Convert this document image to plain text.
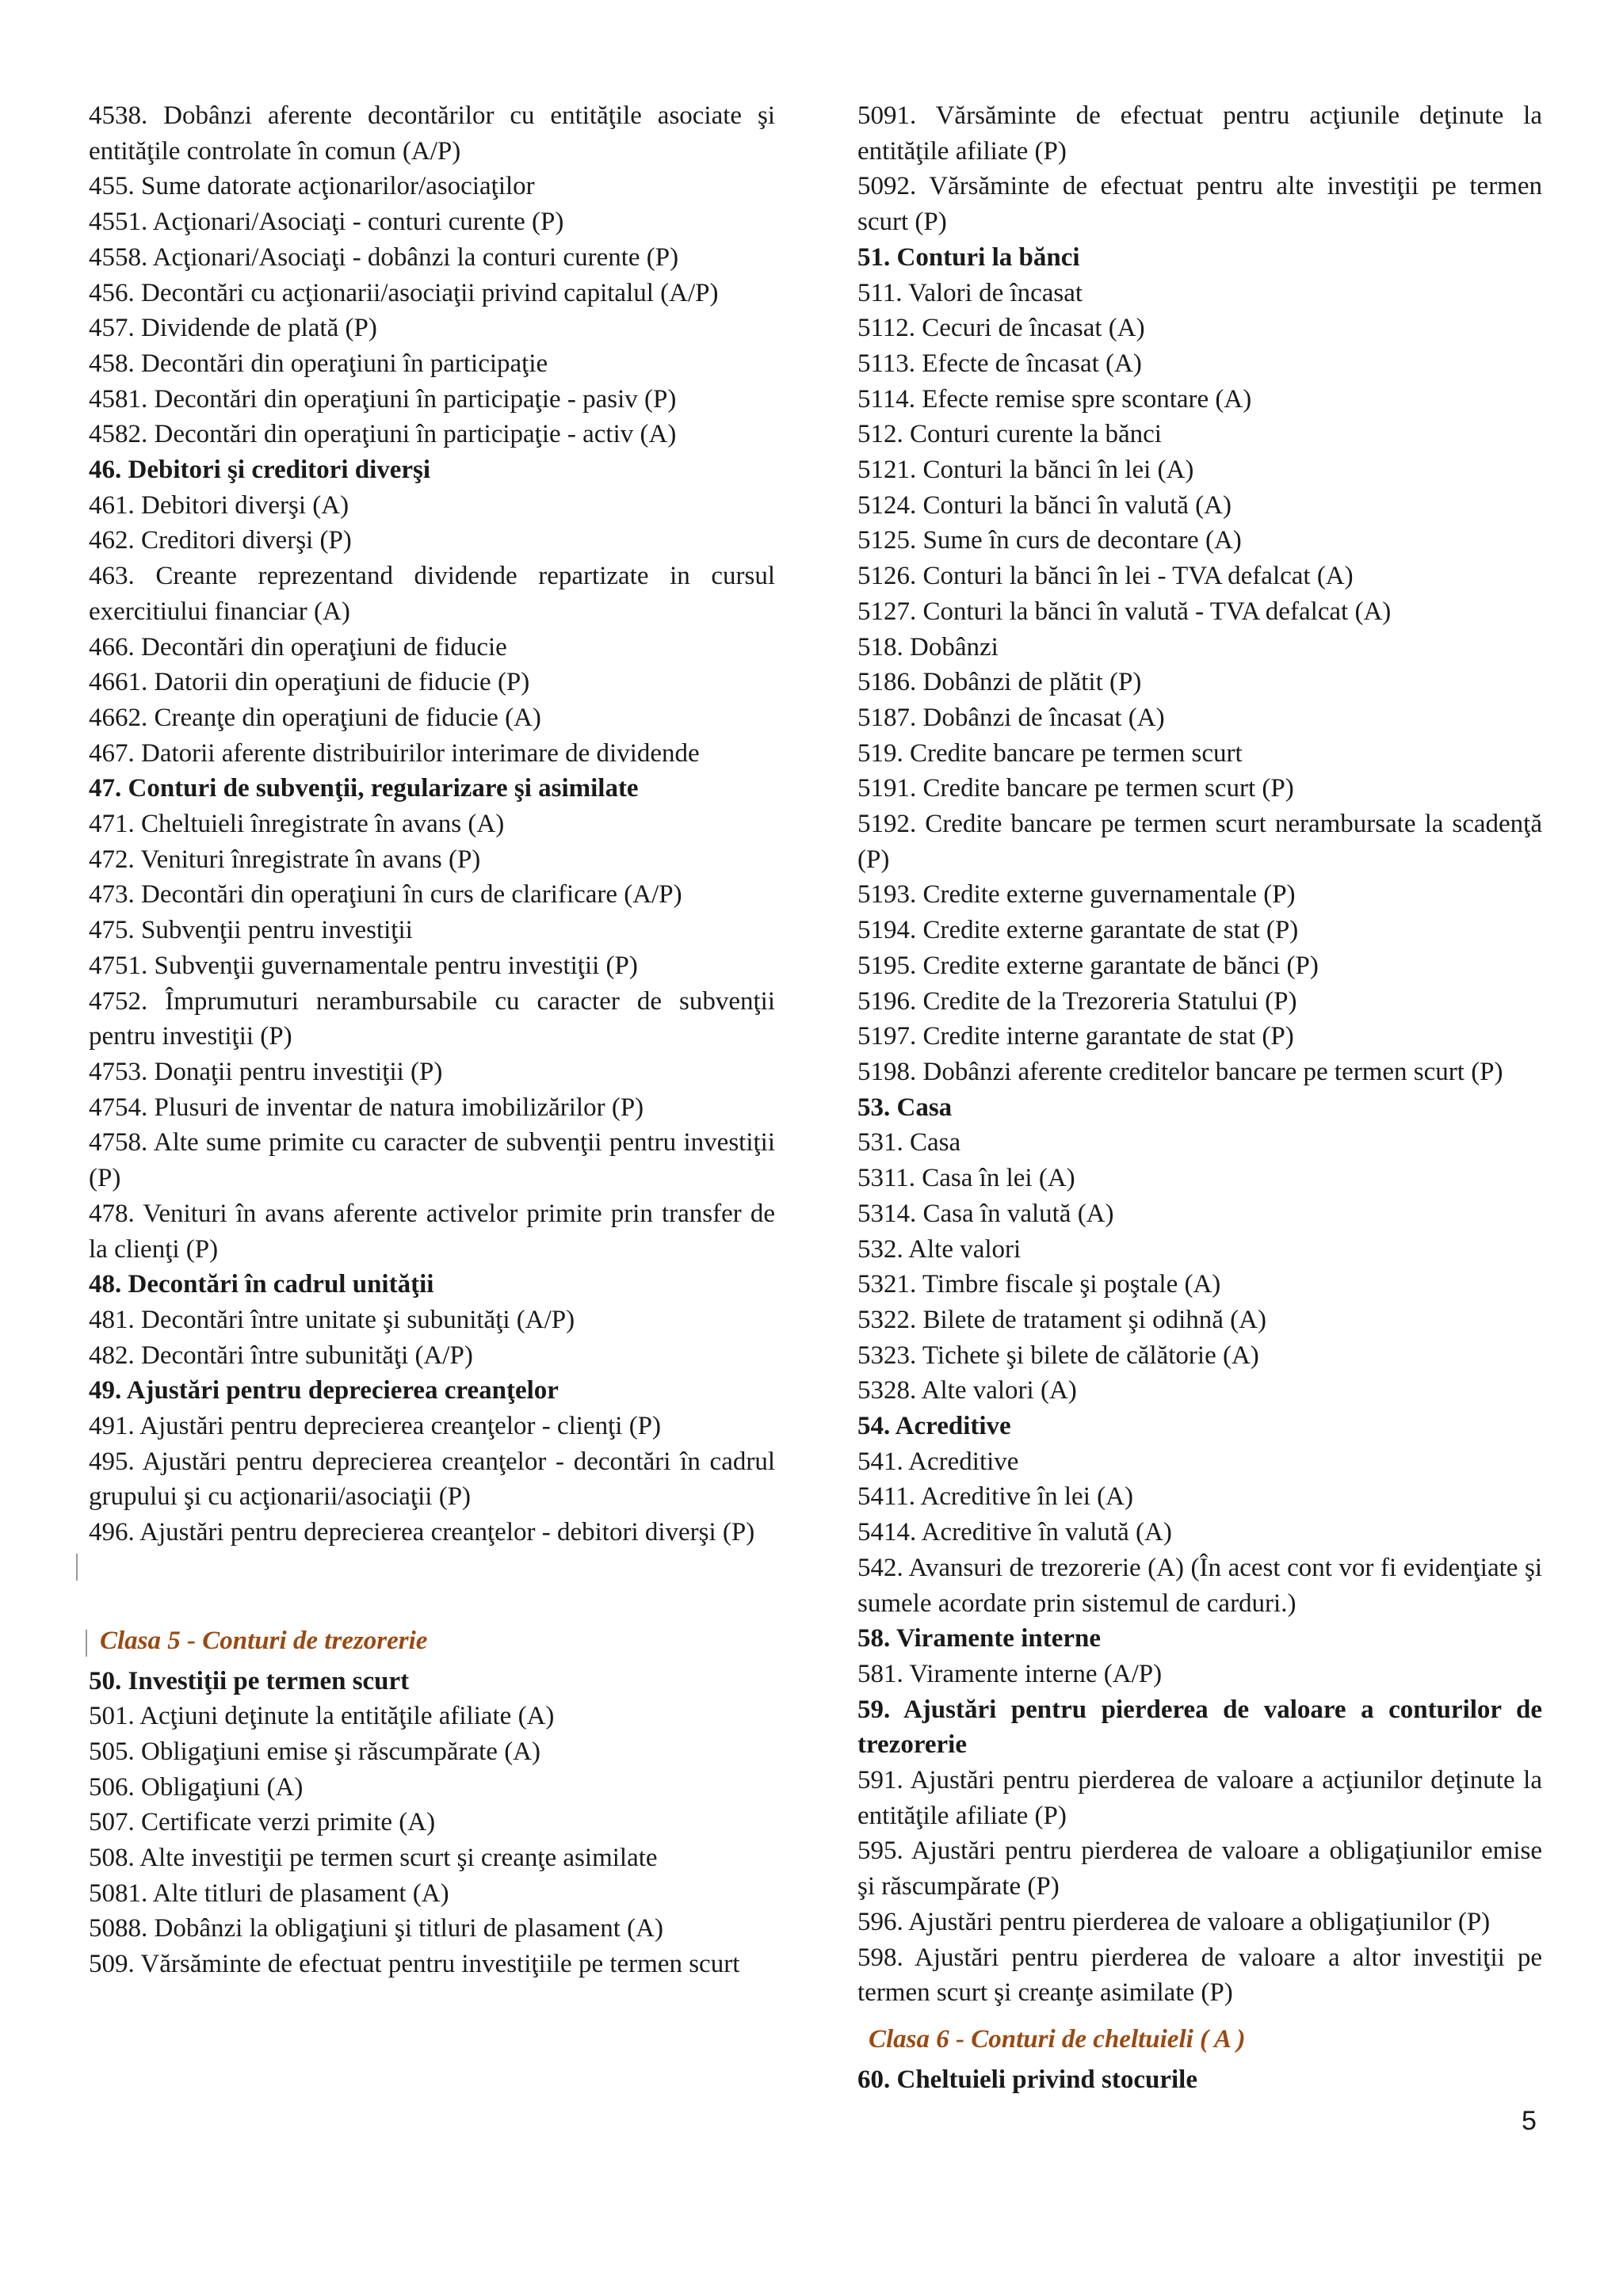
4538. Dobânzi aferente decontărilor cu entităţile asociate şi entităţile controlate în comun (A/P)

455. Sume datorate acţionarilor/asociaţilor

4551. Acţionari/Asociaţi - conturi curente (P)

4558. Acţionari/Asociaţi - dobânzi la conturi curente (P)

456. Decontări cu acţionarii/asociaţii privind capitalul (A/P)

457. Dividende de plată (P)

458. Decontări din operaţiuni în participaţie

4581. Decontări din operaţiuni în participaţie - pasiv (P)

4582. Decontări din operaţiuni în participaţie - activ (A)

46. Debitori şi creditori diverşi

461. Debitori diverşi (A)

462. Creditori diverşi (P)

463. Creante reprezentand dividende repartizate in cursul exercitiului financiar (A)

466. Decontări din operaţiuni de fiducie

4661. Datorii din operaţiuni de fiducie (P)

4662. Creanţe din operaţiuni de fiducie (A)

467. Datorii aferente distribuirilor interimare de dividende

47. Conturi de subvenţii, regularizare şi asimilate

471. Cheltuieli înregistrate în avans (A)

472. Venituri înregistrate în avans (P)

473. Decontări din operaţiuni în curs de clarificare (A/P)

475. Subvenţii pentru investiţii

4751. Subvenţii guvernamentale pentru investiţii (P)

4752. Împrumuturi nerambursabile cu caracter de subvenţii pentru investiţii (P)

4753. Donaţii pentru investiţii (P)

4754. Plusuri de inventar de natura imobilizărilor (P)

4758. Alte sume primite cu caracter de subvenţii pentru investiţii (P)

478. Venituri în avans aferente activelor primite prin transfer de la clienţi (P)

48. Decontări în cadrul unităţii

481. Decontări între unitate şi subunităţi (A/P)

482. Decontări între subunităţi (A/P)

49. Ajustări pentru deprecierea creanţelor

491. Ajustări pentru deprecierea creanţelor - clienţi (P)

495. Ajustări pentru deprecierea creanţelor - decontări în cadrul grupului şi cu acţionarii/asociaţii (P)

496. Ajustări pentru deprecierea creanţelor - debitori diverşi (P)

Clasa 5 - Conturi de trezorerie

50. Investiţii pe termen scurt

501. Acţiuni deţinute la entităţile afiliate (A)

505. Obligaţiuni emise şi răscumpărate (A)

506. Obligaţiuni (A)

507. Certificate verzi primite (A)

508. Alte investiţii pe termen scurt şi creanţe asimilate

5081. Alte titluri de plasament (A)

5088. Dobânzi la obligaţiuni şi titluri de plasament (A)

509. Vărsăminte de efectuat pentru investiţiile pe termen scurt

5091. Vărsăminte de efectuat pentru acţiunile deţinute la entităţile afiliate (P)

5092. Vărsăminte de efectuat pentru alte investiţii pe termen scurt (P)

51. Conturi la bănci

511. Valori de încasat

5112. Cecuri de încasat (A)

5113. Efecte de încasat (A)

5114. Efecte remise spre scontare (A)

512. Conturi curente la bănci

5121. Conturi la bănci în lei (A)

5124. Conturi la bănci în valută (A)

5125. Sume în curs de decontare (A)

5126. Conturi la bănci în lei - TVA defalcat (A)

5127. Conturi la bănci în valută - TVA defalcat (A)

518. Dobânzi

5186. Dobânzi de plătit (P)

5187. Dobânzi de încasat (A)

519. Credite bancare pe termen scurt

5191. Credite bancare pe termen scurt (P)

5192. Credite bancare pe termen scurt nerambursate la scadenţă (P)

5193. Credite externe guvernamentale (P)

5194. Credite externe garantate de stat (P)

5195. Credite externe garantate de bănci (P)

5196. Credite de la Trezoreria Statului (P)

5197. Credite interne garantate de stat (P)

5198. Dobânzi aferente creditelor bancare pe termen scurt (P)

53. Casa

531. Casa

5311. Casa în lei (A)

5314. Casa în valută (A)

532. Alte valori

5321. Timbre fiscale şi poştale (A)

5322. Bilete de tratament şi odihnă (A)

5323. Tichete şi bilete de călătorie (A)

5328. Alte valori (A)

54. Acreditive

541. Acreditive

5411. Acreditive în lei (A)

5414. Acreditive în valută (A)

542. Avansuri de trezorerie (A) (În acest cont vor fi evidenţiate şi sumele acordate prin sistemul de carduri.)

58. Viramente interne

581. Viramente interne (A/P)

59. Ajustări pentru pierderea de valoare a conturilor de trezorerie

591. Ajustări pentru pierderea de valoare a acţiunilor deţinute la entităţile afiliate (P)

595. Ajustări pentru pierderea de valoare a obligaţiunilor emise şi răscumpărate (P)

596. Ajustări pentru pierderea de valoare a obligaţiunilor (P)

598. Ajustări pentru pierderea de valoare a altor investiţii pe termen scurt şi creanţe asimilate (P)

Clasa 6 - Conturi de cheltuieli ( A )

60. Cheltuieli privind stocurile

5
